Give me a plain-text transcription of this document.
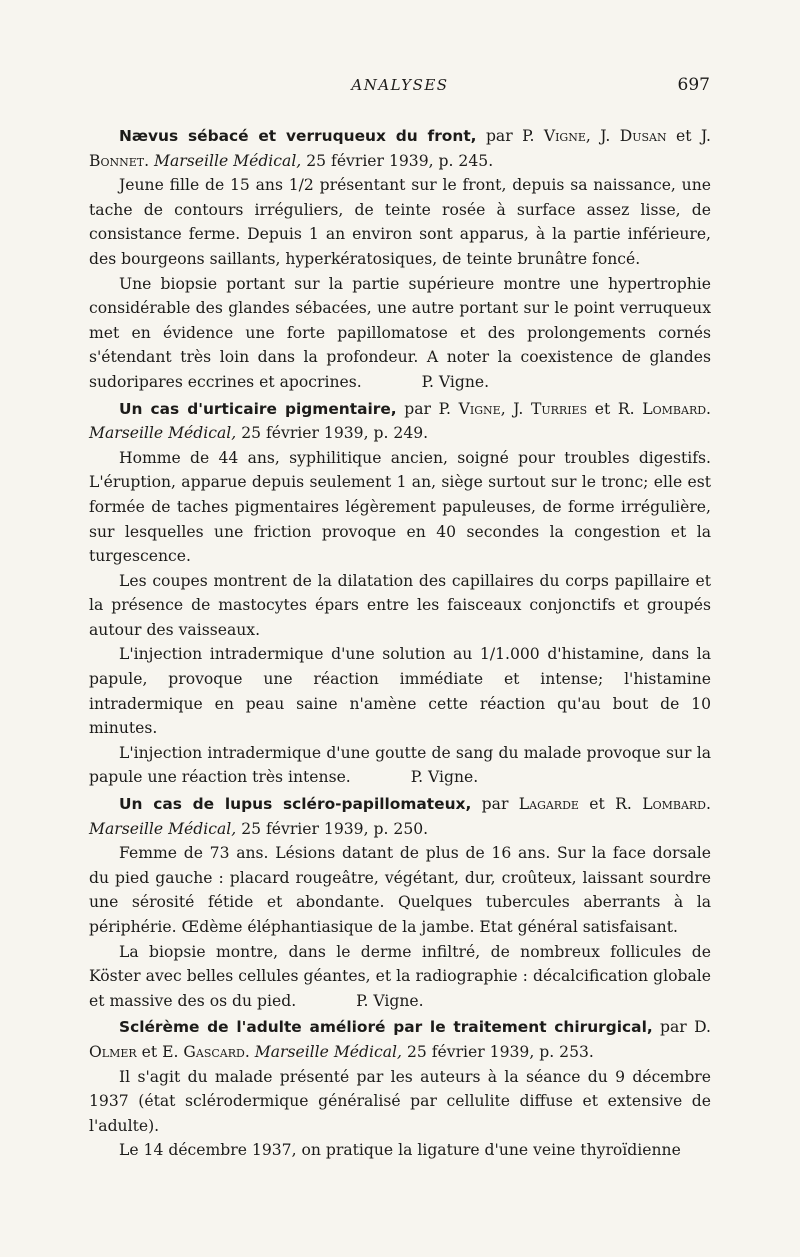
ANALYSES	697

Nævus sébacé et verruqueux du front, par P. Vigne, J. Dusan et J. Bonnet. Marseille Médical, 25 février 1939, p. 245.

Jeune fille de 15 ans 1/2 présentant sur le front, depuis sa naissance, une tache de contours irréguliers, de teinte rosée à surface assez lisse, de consistance ferme. Depuis 1 an environ sont apparus, à la partie inférieure, des bourgeons saillants, hyperkératosiques, de teinte brunâtre foncé.

Une biopsie portant sur la partie supérieure montre une hypertrophie considérable des glandes sébacées, une autre portant sur le point verruqueux met en évidence une forte papillomatose et des prolongements cornés s'étendant très loin dans la profondeur. A noter la coexistence de glandes sudoripares eccrines et apocrines.	P. Vigne.

Un cas d'urticaire pigmentaire, par P. Vigne, J. Turries et R. Lombard. Marseille Médical, 25 février 1939, p. 249.

Homme de 44 ans, syphilitique ancien, soigné pour troubles digestifs. L'éruption, apparue depuis seulement 1 an, siège surtout sur le tronc; elle est formée de taches pigmentaires légèrement papuleuses, de forme irrégulière, sur lesquelles une friction provoque en 40 secondes la congestion et la turgescence.

Les coupes montrent de la dilatation des capillaires du corps papillaire et la présence de mastocytes épars entre les faisceaux conjonctifs et groupés autour des vaisseaux.

L'injection intradermique d'une solution au 1/1.000 d'histamine, dans la papule, provoque une réaction immédiate et intense; l'histamine intradermique en peau saine n'amène cette réaction qu'au bout de 10 minutes.

L'injection intradermique d'une goutte de sang du malade provoque sur la papule une réaction très intense.	P. Vigne.

Un cas de lupus scléro-papillomateux, par Lagarde et R. Lombard. Marseille Médical, 25 février 1939, p. 250.

Femme de 73 ans. Lésions datant de plus de 16 ans. Sur la face dorsale du pied gauche : placard rougeâtre, végétant, dur, croûteux, laissant sourdre une sérosité fétide et abondante. Quelques tubercules aberrants à la périphérie. Œdème éléphantiasique de la jambe. Etat général satisfaisant.

La biopsie montre, dans le derme infiltré, de nombreux follicules de Köster avec belles cellules géantes, et la radiographie : décalcification globale et massive des os du pied.	P. Vigne.

Sclérème de l'adulte amélioré par le traitement chirurgical, par D. Olmer et E. Gascard. Marseille Médical, 25 février 1939, p. 253.

Il s'agit du malade présenté par les auteurs à la séance du 9 décembre 1937 (état sclérodermique généralisé par cellulite diffuse et extensive de l'adulte).

Le 14 décembre 1937, on pratique la ligature d'une veine thyroïdienne
